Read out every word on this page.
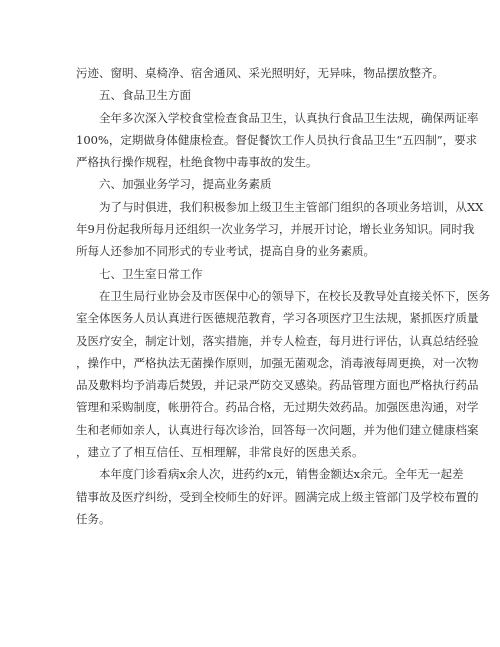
污迹、窗明、桌椅净、宿舍通风、采光照明好，无异味，物品摆放整齐。
五、食品卫生方面
全年多次深入学校食堂检查食品卫生，认真执行食品卫生法规，确保两证率
100%，定期做身体健康检查。督促餐饮工作人员执行食品卫生“五四制”，要求
严格执行操作规程，杜绝食物中毒事故的发生。
六、加强业务学习，提高业务素质
为了与时俱进，我们积极参加上级卫生主管部门组织的各项业务培训，从XX
年9月份起我所每月还组织一次业务学习，并展开讨论，增长业务知识。同时我
所每人还参加不同形式的专业考试，提高自身的业务素质。
七、卫生室日常工作
在卫生局行业协会及市医保中心的领导下，在校长及教导处直接关怀下，医务
室全体医务人员认真进行医德规范教育，学习各项医疗卫生法规，紧抓医疗质量
及医疗安全，制定计划，落实措施，并专人检查，每月进行评估，认真总结经验
，操作中，严格执法无菌操作原则，加强无菌观念，消毒液每周更换，对一次物
品及敷料均予消毒后焚毁，并记录严防交叉感染。药品管理方面也严格执行药品
管理和采购制度，帐册符合。药品合格，无过期失效药品。加强医患沟通，对学
生和老师如亲人，认真进行每次诊治，回答每一次问题，并为他们建立健康档案
，建立了了相互信任、互相理解，非常良好的医患关系。
本年度门诊看病x余人次，进药约x元，销售金额达x余元。全年无一起差
错事故及医疗纠纷，受到全校师生的好评。圆满完成上级主管部门及学校布置的
任务。
